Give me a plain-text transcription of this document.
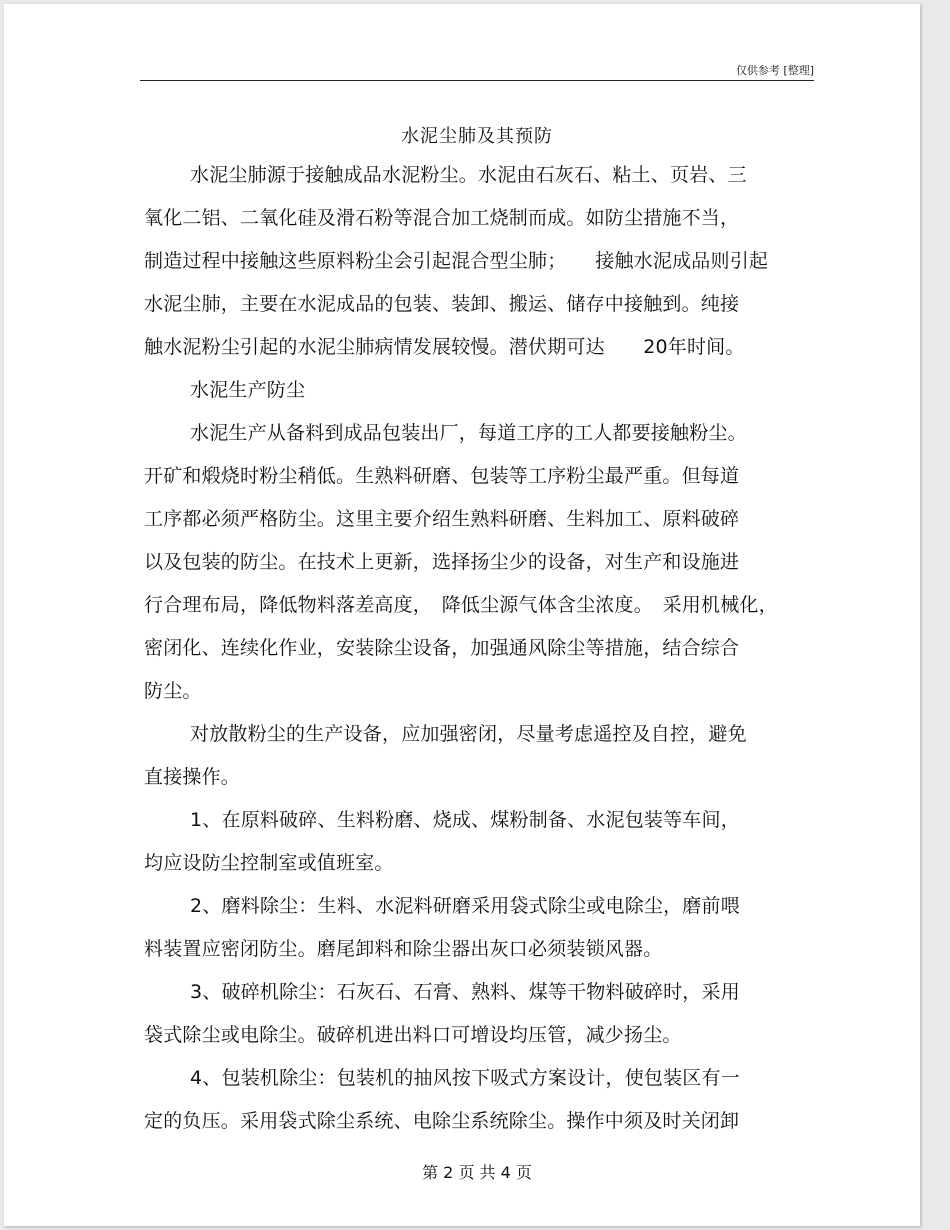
仅供参考 [整理]
水泥尘肺及其预防
水泥尘肺源于接触成品水泥粉尘。水泥由石灰石、粘土、页岩、三
氧化二铝、二氧化硅及滑石粉等混合加工烧制而成。如防尘措施不当，
制造过程中接触这些原料粉尘会引起混合型尘肺；　　接触水泥成品则引起
水泥尘肺，主要在水泥成品的包装、装卸、搬运、储存中接触到。纯接
触水泥粉尘引起的水泥尘肺病情发展较慢。潜伏期可达　　20年时间。
水泥生产防尘
水泥生产从备料到成品包装出厂，每道工序的工人都要接触粉尘。
开矿和煅烧时粉尘稍低。生熟料研磨、包装等工序粉尘最严重。但每道
工序都必须严格防尘。这里主要介绍生熟料研磨、生料加工、原料破碎
以及包装的防尘。在技术上更新，选择扬尘少的设备，对生产和设施进
行合理布局，降低物料落差高度，　降低尘源气体含尘浓度。　采用机械化，
密闭化、连续化作业，安装除尘设备，加强通风除尘等措施，结合综合
防尘。
对放散粉尘的生产设备，应加强密闭，尽量考虑遥控及自控，避免
直接操作。
1、在原料破碎、生料粉磨、烧成、煤粉制备、水泥包装等车间，
均应设防尘控制室或值班室。
2、磨料除尘：生料、水泥料研磨采用袋式除尘或电除尘，磨前喂
料装置应密闭防尘。磨尾卸料和除尘器出灰口必须装锁风器。
3、破碎机除尘：石灰石、石膏、熟料、煤等干物料破碎时，采用
袋式除尘或电除尘。破碎机进出料口可增设均压管，减少扬尘。
4、包装机除尘：包装机的抽风按下吸式方案设计，使包装区有一
定的负压。采用袋式除尘系统、电除尘系统除尘。操作中须及时关闭卸
第 2 页 共 4 页
